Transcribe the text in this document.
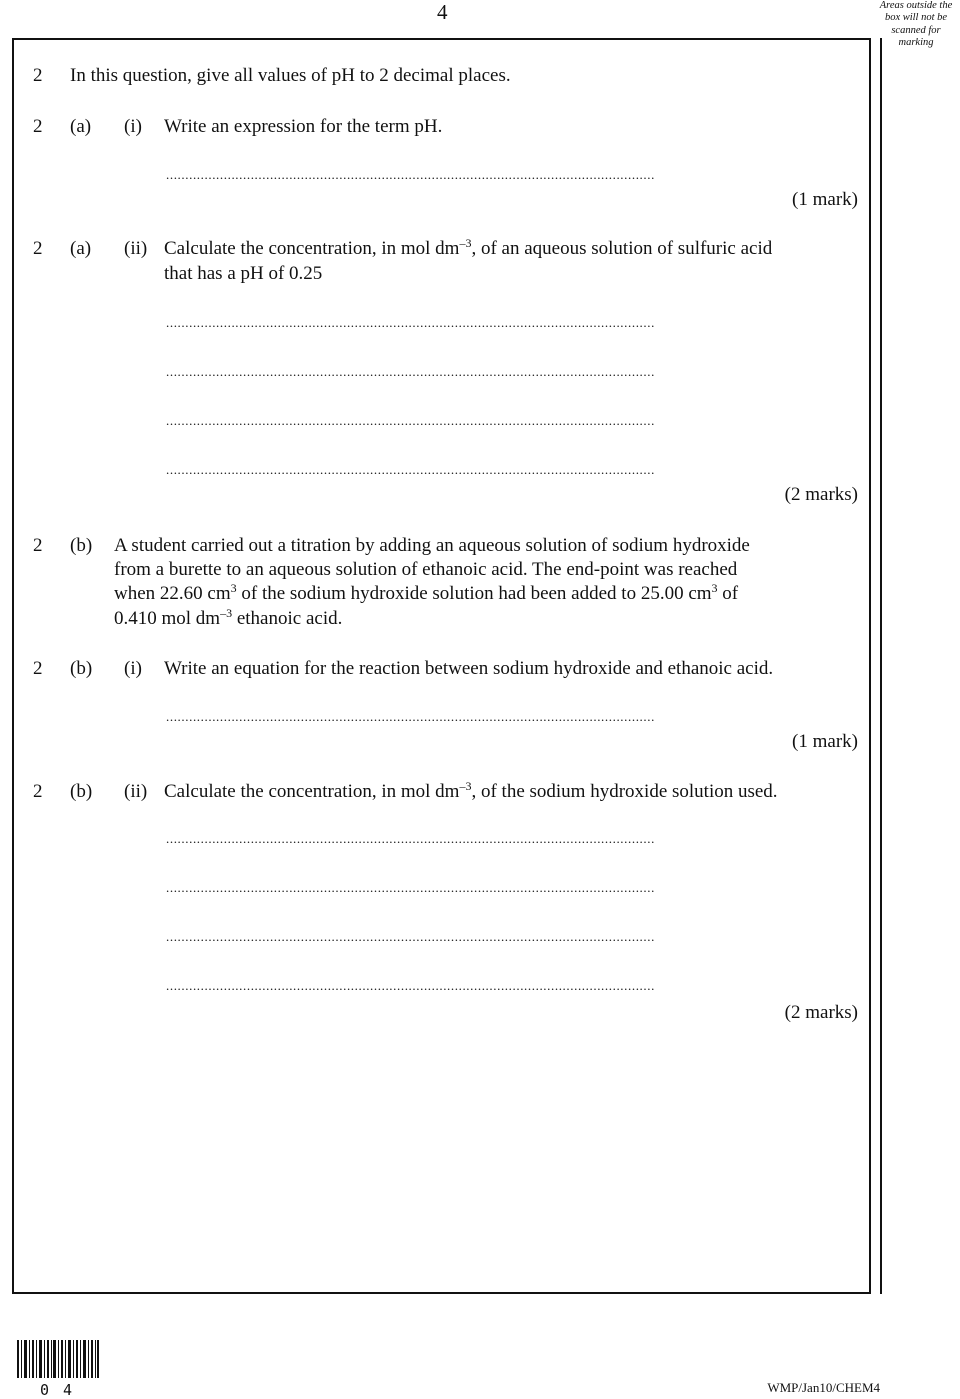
4	Areas outside the box will not be scanned for marking
2 In this question, give all values of pH to 2 decimal places.
2 (a) (i) Write an expression for the term pH.
...............................................................................................................................
(1 mark)
2 (a) (ii) Calculate the concentration, in mol $dm^{-3}$, of an aqueous solution of sulfuric acid
that has a pH of 0.25
...............................................................................................................................
...............................................................................................................................
...............................................................................................................................
...............................................................................................................................
(2 marks)
2 (b) A student carried out a titration by adding an aqueous solution of sodium hydroxide
from a burette to an aqueous solution of ethanoic acid. The end-point was reached
when 22.60 $cm^3$ of the sodium hydroxide solution had been added to 25.00 $cm^3$ of
0.410 mol $dm^{-3}$ ethanoic acid.
2 (b) (i) Write an equation for the reaction between sodium hydroxide and ethanoic acid.
...............................................................................................................................
(1 mark)
2 (b) (ii) Calculate the concentration, in mol $dm^{-3}$, of the sodium hydroxide solution used.
...............................................................................................................................
...............................................................................................................................
...............................................................................................................................
...............................................................................................................................
(2 marks)
04	WMP/Jan10/CHEM4
